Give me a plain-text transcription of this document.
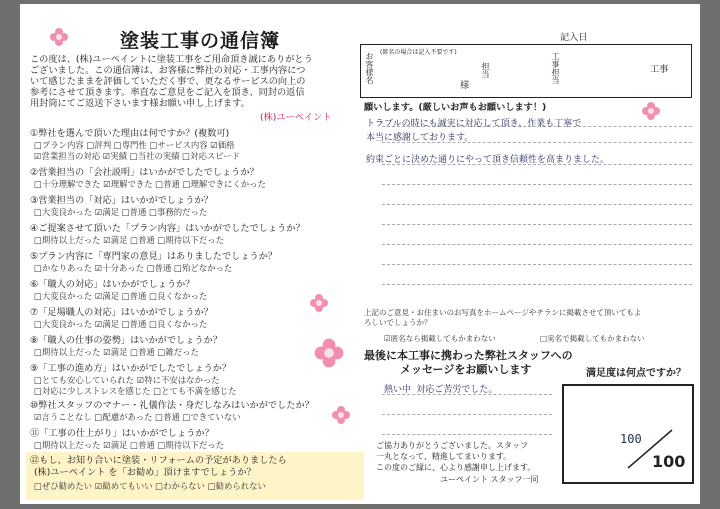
塗装工事の通信簿
この度は、(株)ユーペイントに塗装工事をご用命頂き誠にありがとう
ございました。この通信簿は、お客様に弊社の対応・工事内容につ
いて感じたままを評価していただく事で、更なるサービスの向上の
参考にさせて頂きます。率直なご意見をご記入を頂き、同封の返信
用封筒にてご返送下さいます様お願い申し上げます。
(株)ユーペイント
①弊社を選んで頂いた理由は何ですか？(複数可)
□プラン内容 □評判 □専門性 □サービス内容 ☑価格
☑営業担当の対応 ☑実績 □当社の実績 □対応スピード
②営業担当の「会社説明」はいかがでしたでしょうか？
□十分理解できた ☑理解できた □普通 □理解できにくかった
③営業担当の「対応」はいかがでしょうか？
□大変良かった ☑満足 □普通 □事務的だった
④ご提案させて頂いた「プラン内容」はいかがでしたでしょうか？
□期待以上だった ☑満足 □普通 □期待以下だった
⑤プラン内容に「専門家の意見」はありましたでしょうか？
□かなりあった ☑十分あった □普通 □殆どなかった
⑥「職人の対応」はいかがでしょうか？
□大変良かった ☑満足 □普通 □良くなかった
⑦「足場職人の対応」はいかがでしょうか？
□大変良かった ☑満足 □普通 □良くなかった
⑧「職人の仕事の姿勢」はいかがでしょうか？
□期待以上だった ☑満足 □普通 □雑だった
⑨「工事の進め方」はいかがでしたでしょうか？
□とても安心していられた ☑特に不安はなかった
□対応に少しストレスを感じた □とても不満を感じた
⑩弊社スタッフのマナー・礼儀作法・身だしなみはいかがでしたか？
☑言うことなし □配慮があった □普通 □できていない
⑪「工事の仕上がり」はいかがでしょうか？
□期待以上だった ☑満足 □普通 □期待以下だった
⑫もし、お知り合いに塗装・リフォームの予定がありましたら
(株)ユーペイント を「お勧め」頂けますでしょうか？
□ぜひ勧めたい ☑勧めてもいい □わからない □勧められない
記入日
お客様名 (匿名の場合は記入不要です)
様
担当	工事担当	工事
願いします。(厳しいお声もお願いします！)
トラブルの時にも誠実に対応して頂き、作業も丁寧で
本当に感謝しております。
約束ごとに決めた通りにやって頂き信頼性を高まりました。
上記のご意見・お住まいのお写真をホームページやチラシに掲載させて頂いてもよ
ろしいでしょうか？
☑匿名なら掲載してもかまわない	□実名で掲載してもかまわない
最後に本工事に携わった弊社スタッフへの
メッセージをお願いします
熱い中 対応ご苦労でした。
ご協力ありがとうございました。スタッフ
一丸となって、精進してまいります。
この度のご縁に、心より感謝申し上げます。
ユーペイント スタッフ一同
満足度は何点ですか？
100
100
